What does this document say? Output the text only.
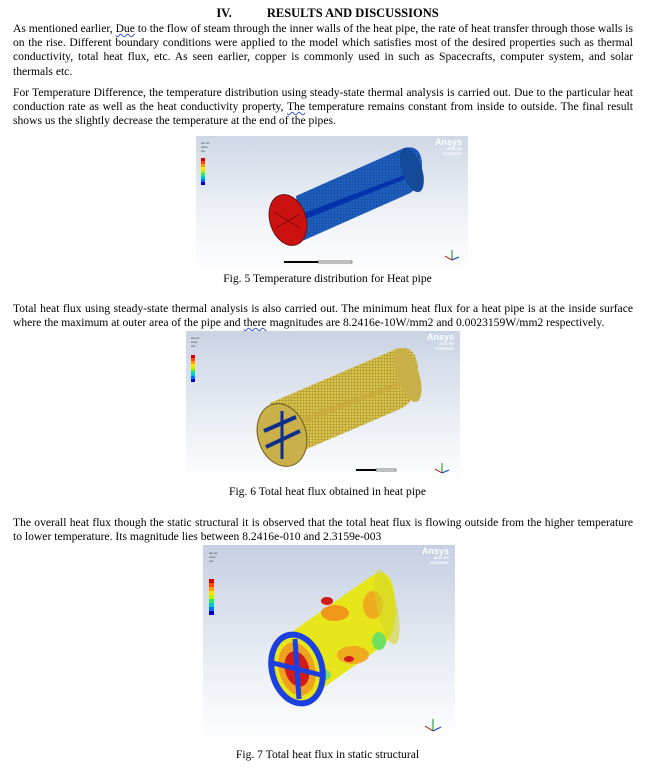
IV.	RESULTS AND DISCUSSIONS

As mentioned earlier, Due to the flow of steam through the inner walls of the heat pipe, the rate of heat transfer through those walls is on the rise. Different boundary conditions were applied to the model which satisfies most of the desired properties such as thermal conductivity, total heat flux, etc. As seen earlier, copper is commonly used in such as Spacecrafts, computer system, and solar thermals etc.

For Temperature Difference, the temperature distribution using steady-state thermal analysis is carried out. Due to the particular heat conduction rate as well as the heat conductivity property, The temperature remains constant from inside to outside. The final result shows us the slightly decrease the temperature at the end of the pipes.

▪▪▪▪ ▪▪▪
▪▪▪▪▪▪
▪▪▪▪
Ansys
2022 R1
STUDENT
Fig. 5 Temperature distribution for Heat pipe

Total heat flux using steady-state thermal analysis is also carried out. The minimum heat flux for a heat pipe is at the inside surface where the maximum at outer area of the pipe and there magnitudes are 8.2416e-10W/mm2 and 0.0023159W/mm2 respectively.

▪▪▪▪ ▪▪▪
▪▪▪▪▪▪
▪▪▪▪
Ansys
2022 R1
STUDENT
Fig. 6 Total heat flux obtained in heat pipe

The overall heat flux though the static structural it is observed that the total heat flux is flowing outside from the higher temperature to lower temperature. Its magnitude lies between 8.2416e-010 and 2.3159e-003

▪▪▪▪ ▪▪▪
▪▪▪▪▪▪
▪▪▪▪
Ansys
2022 R1
STUDENT
Fig. 7 Total heat flux in static structural
